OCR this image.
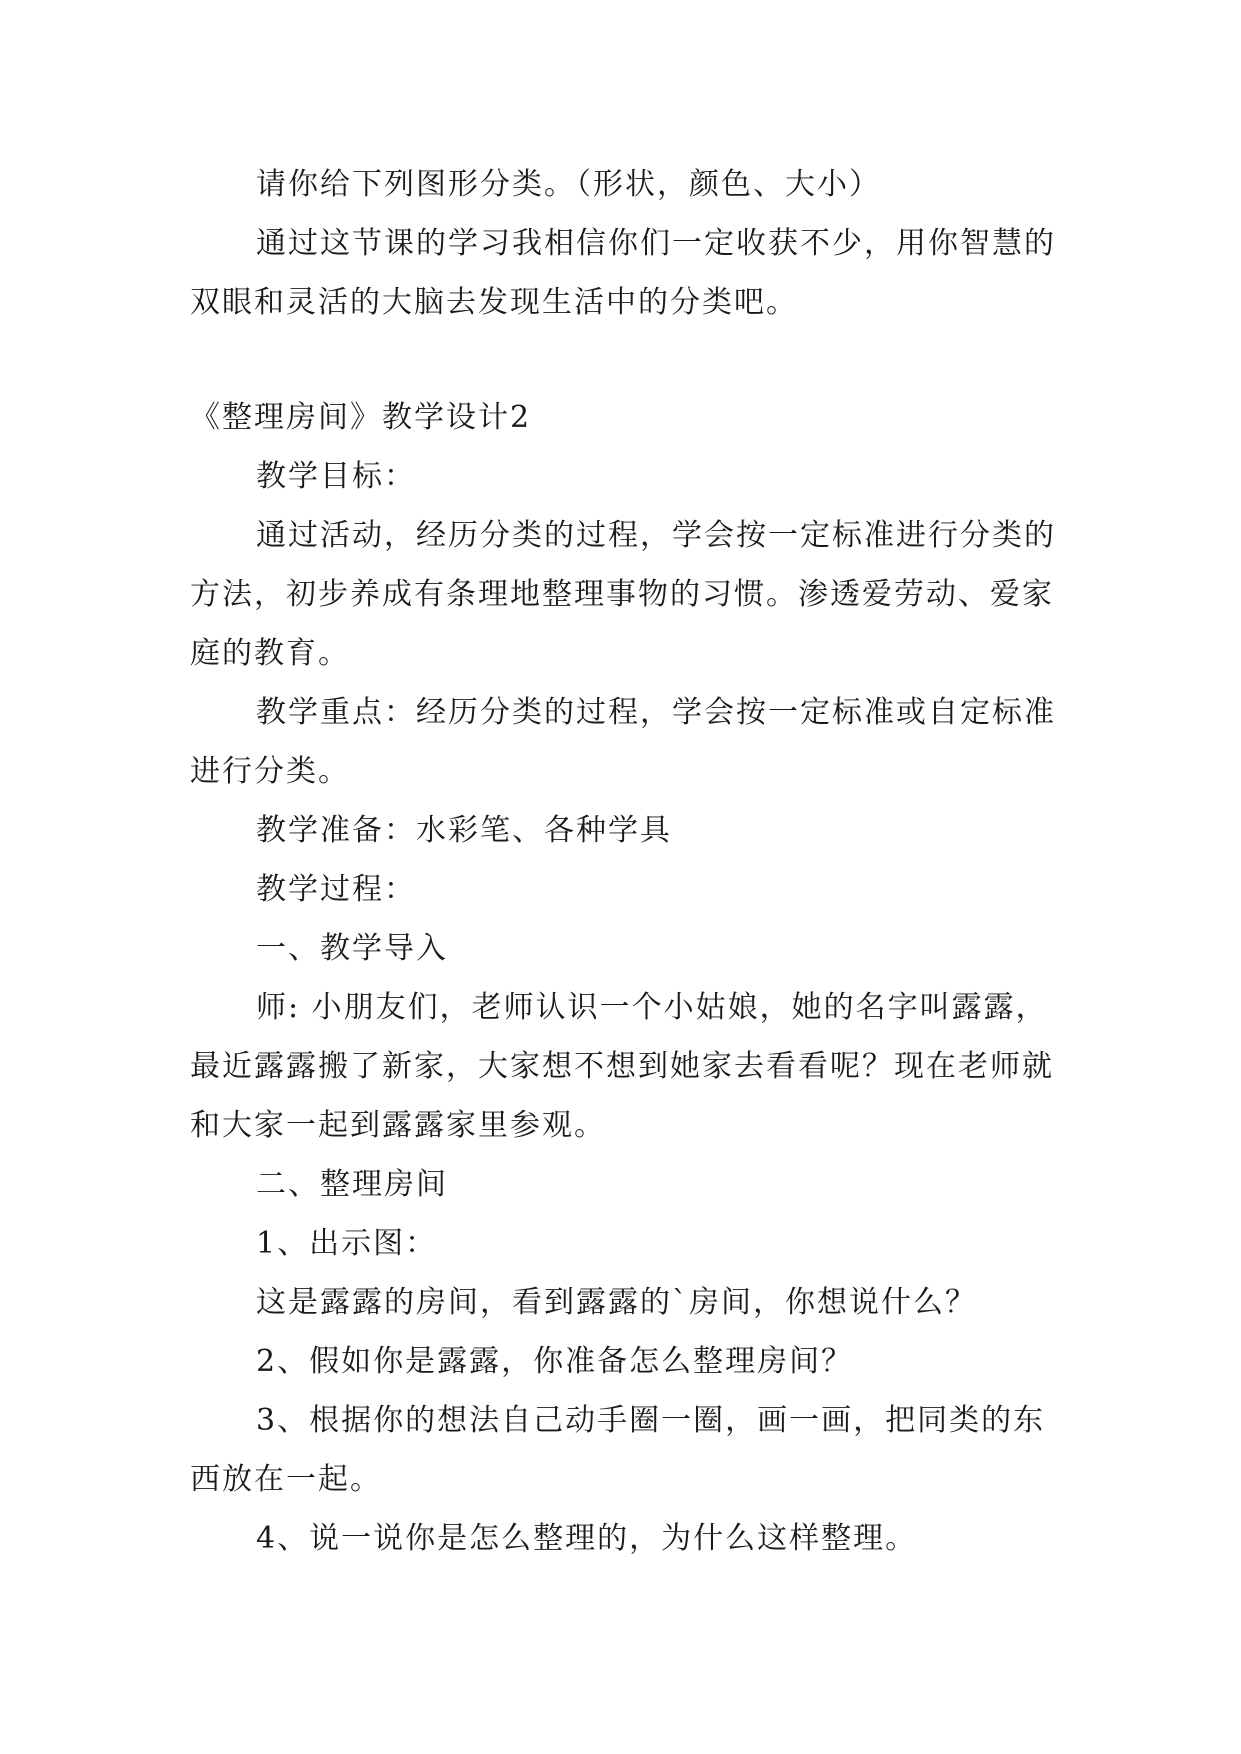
请你给下列图形分类。（形状，颜色、大小）

通过这节课的学习我相信你们一定收获不少，用你智慧的双眼和灵活的大脑去发现生活中的分类吧。

《整理房间》教学设计2

教学目标：

通过活动，经历分类的过程，学会按一定标准进行分类的方法，初步养成有条理地整理事物的习惯。渗透爱劳动、爱家庭的教育。

教学重点：经历分类的过程，学会按一定标准或自定标准进行分类。

教学准备：水彩笔、各种学具

教学过程：

一、教学导入

师: 小朋友们，老师认识一个小姑娘，她的名字叫露露，最近露露搬了新家，大家想不想到她家去看看呢？现在老师就和大家一起到露露家里参观。

二、整理房间

1、出示图：

这是露露的房间，看到露露的`房间，你想说什么？

2、假如你是露露，你准备怎么整理房间？

3、根据你的想法自己动手圈一圈，画一画，把同类的东西放在一起。

4、说一说你是怎么整理的，为什么这样整理。
